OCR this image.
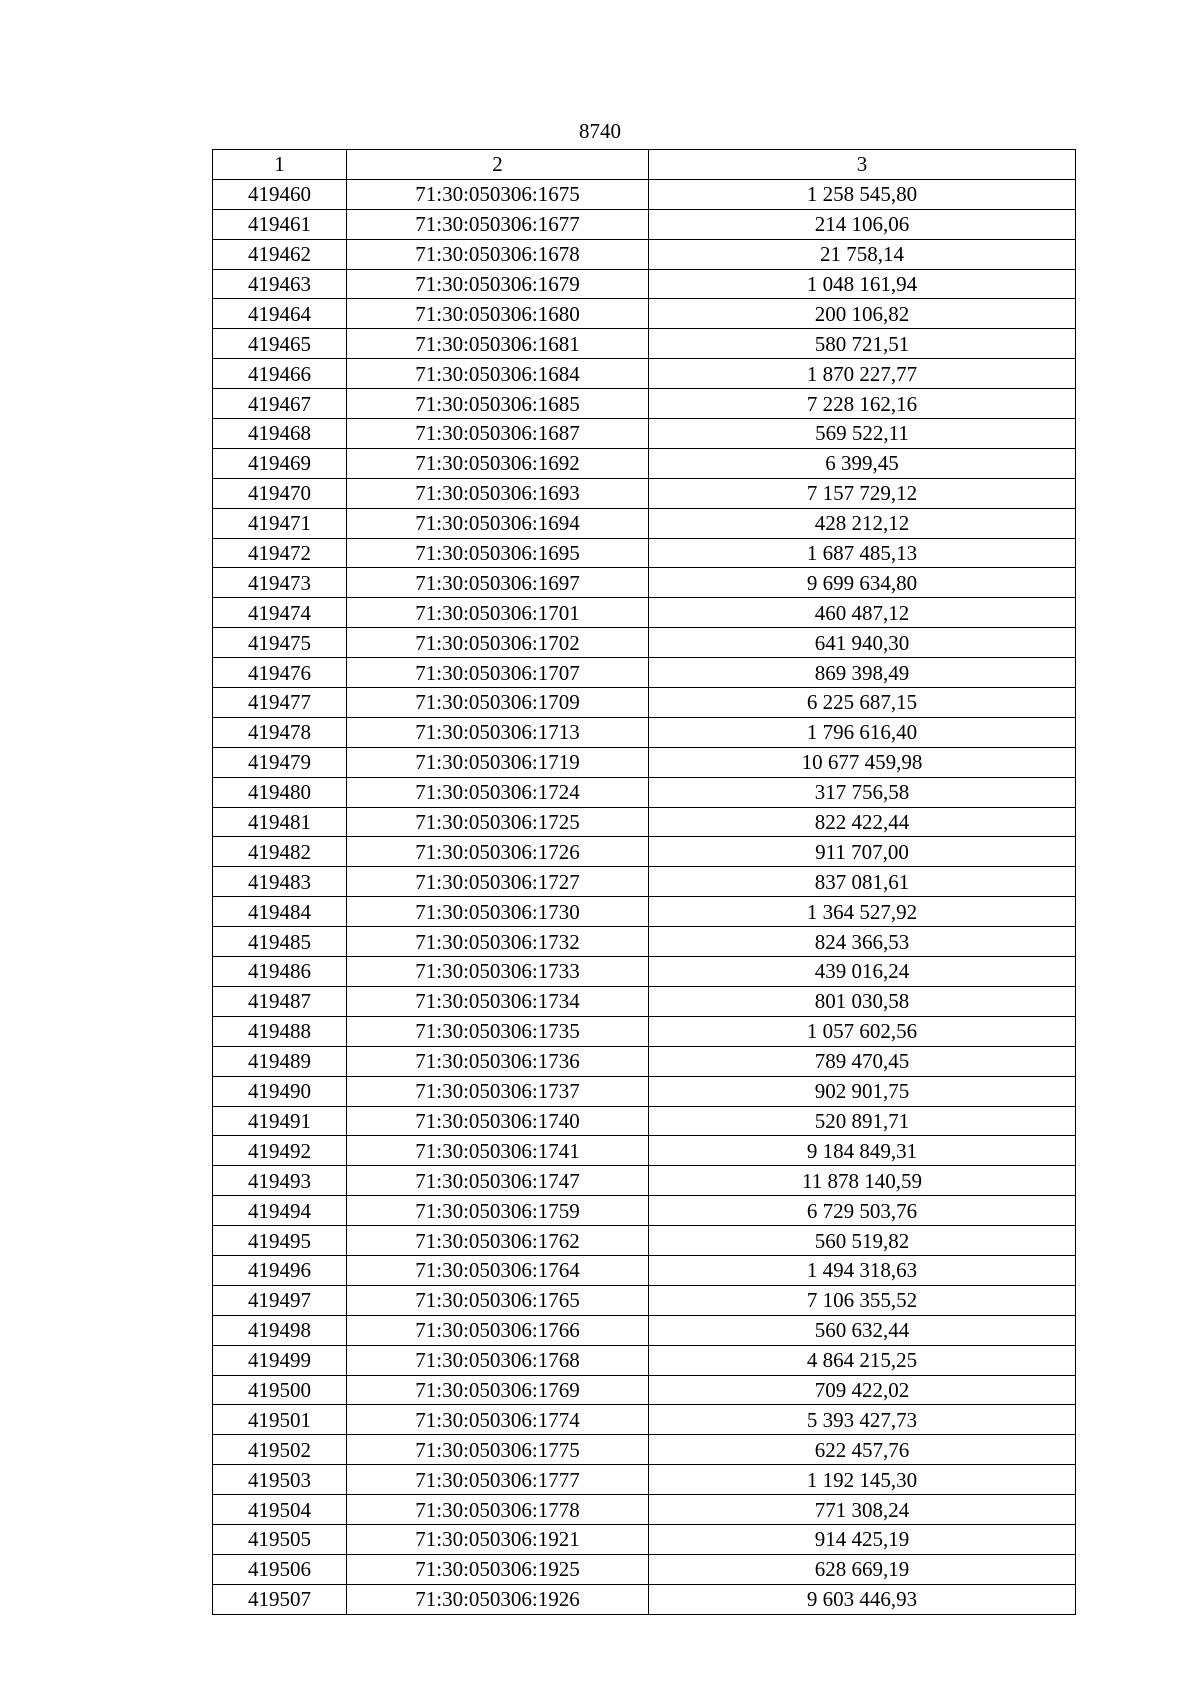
8740
1	2	3
419460	71:30:050306:1675	1 258 545,80
419461	71:30:050306:1677	214 106,06
419462	71:30:050306:1678	21 758,14
419463	71:30:050306:1679	1 048 161,94
419464	71:30:050306:1680	200 106,82
419465	71:30:050306:1681	580 721,51
419466	71:30:050306:1684	1 870 227,77
419467	71:30:050306:1685	7 228 162,16
419468	71:30:050306:1687	569 522,11
419469	71:30:050306:1692	6 399,45
419470	71:30:050306:1693	7 157 729,12
419471	71:30:050306:1694	428 212,12
419472	71:30:050306:1695	1 687 485,13
419473	71:30:050306:1697	9 699 634,80
419474	71:30:050306:1701	460 487,12
419475	71:30:050306:1702	641 940,30
419476	71:30:050306:1707	869 398,49
419477	71:30:050306:1709	6 225 687,15
419478	71:30:050306:1713	1 796 616,40
419479	71:30:050306:1719	10 677 459,98
419480	71:30:050306:1724	317 756,58
419481	71:30:050306:1725	822 422,44
419482	71:30:050306:1726	911 707,00
419483	71:30:050306:1727	837 081,61
419484	71:30:050306:1730	1 364 527,92
419485	71:30:050306:1732	824 366,53
419486	71:30:050306:1733	439 016,24
419487	71:30:050306:1734	801 030,58
419488	71:30:050306:1735	1 057 602,56
419489	71:30:050306:1736	789 470,45
419490	71:30:050306:1737	902 901,75
419491	71:30:050306:1740	520 891,71
419492	71:30:050306:1741	9 184 849,31
419493	71:30:050306:1747	11 878 140,59
419494	71:30:050306:1759	6 729 503,76
419495	71:30:050306:1762	560 519,82
419496	71:30:050306:1764	1 494 318,63
419497	71:30:050306:1765	7 106 355,52
419498	71:30:050306:1766	560 632,44
419499	71:30:050306:1768	4 864 215,25
419500	71:30:050306:1769	709 422,02
419501	71:30:050306:1774	5 393 427,73
419502	71:30:050306:1775	622 457,76
419503	71:30:050306:1777	1 192 145,30
419504	71:30:050306:1778	771 308,24
419505	71:30:050306:1921	914 425,19
419506	71:30:050306:1925	628 669,19
419507	71:30:050306:1926	9 603 446,93
